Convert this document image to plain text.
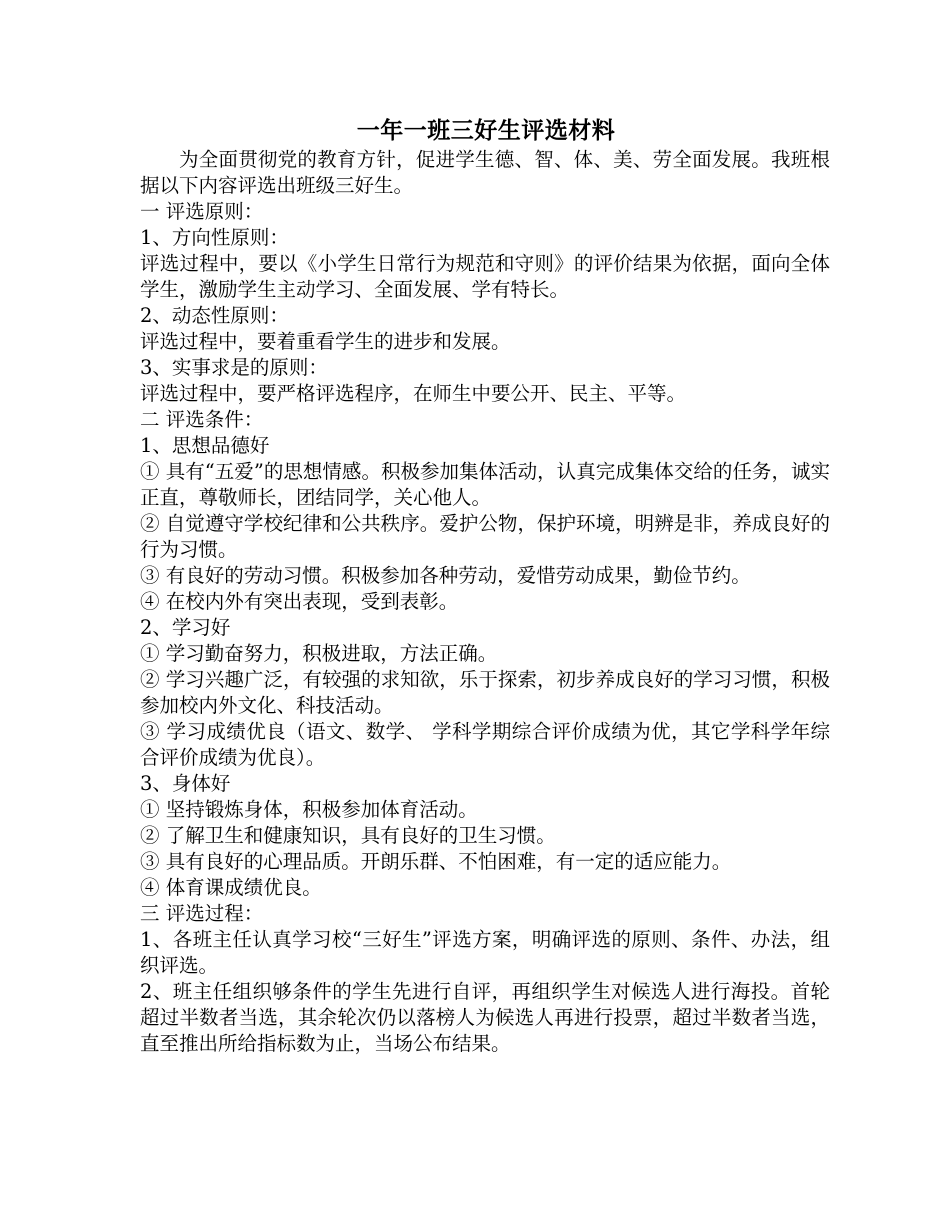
一年一班三好生评选材料

为全面贯彻党的教育方针，促进学生德、智、体、美、劳全面发展。我班根据以下内容评选出班级三好生。

一 评选原则：

1、方向性原则：

评选过程中，要以《小学生日常行为规范和守则》的评价结果为依据，面向全体学生，激励学生主动学习、全面发展、学有特长。

2、动态性原则：

评选过程中，要着重看学生的进步和发展。

3、实事求是的原则：

评选过程中，要严格评选程序，在师生中要公开、民主、平等。

二 评选条件：

1、思想品德好

① 具有“五爱”的思想情感。积极参加集体活动，认真完成集体交给的任务，诚实正直，尊敬师长，团结同学，关心他人。

② 自觉遵守学校纪律和公共秩序。爱护公物，保护环境，明辨是非，养成良好的行为习惯。

③ 有良好的劳动习惯。积极参加各种劳动，爱惜劳动成果，勤俭节约。

④ 在校内外有突出表现，受到表彰。

2、学习好

① 学习勤奋努力，积极进取，方法正确。

② 学习兴趣广泛，有较强的求知欲，乐于探索，初步养成良好的学习习惯，积极参加校内外文化、科技活动。

③ 学习成绩优良（语文、数学、 学科学期综合评价成绩为优，其它学科学年综合评价成绩为优良）。

3、身体好

① 坚持锻炼身体，积极参加体育活动。

② 了解卫生和健康知识，具有良好的卫生习惯。

③ 具有良好的心理品质。开朗乐群、不怕困难，有一定的适应能力。

④ 体育课成绩优良。

三 评选过程：

1、各班主任认真学习校“三好生”评选方案，明确评选的原则、条件、办法，组织评选。

2、班主任组织够条件的学生先进行自评，再组织学生对候选人进行海投。首轮超过半数者当选，其余轮次仍以落榜人为候选人再进行投票，超过半数者当选，直至推出所给指标数为止，当场公布结果。
